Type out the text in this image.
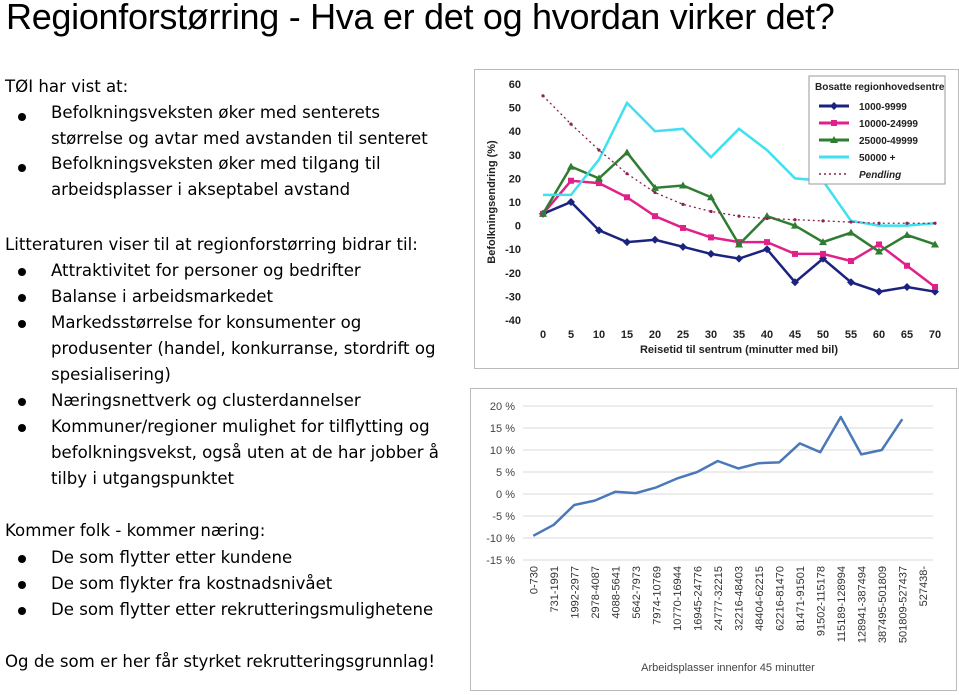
Regionforstørring - Hva er det og hvordan virker det?
TØI har vist at:
Befolkningsveksten øker med senterets størrelse og avtar med avstanden til senteret
Befolkningsveksten øker med tilgang til arbeidsplasser i akseptabel avstand
Litteraturen viser til at regionforstørring bidrar til:
Attraktivitet for personer og bedrifter
Balanse i arbeidsmarkedet
Markedsstørrelse for konsumenter og produsenter (handel, konkurranse, stordrift og spesialisering)
Næringsnettverk og clusterdannelser
Kommuner/regioner mulighet for tilflytting og befolkningsvekst, også uten at de har jobber å tilby i utgangspunktet
Kommer folk - kommer næring:
De som flytter etter kundene
De som flykter fra kostnadsnivået
De som flytter etter rekrutteringsmulighetene
Og de som er her får styrket rekrutteringsgrunnlag!
60
50
40
30
20
10
0
-10
-20
-30
-40
0 5 10 15 20 25 30 35 40 45 50 55 60 65 70
Reisetid til sentrum (minutter med bil)
Befolkningsendring (%)
Bosatte regionhovedsentre
1000-9999
10000-24999
25000-49999
50000 +
Pendling
20 %
15 %
10 %
5 %
0 %
-5 %
-10 %
-15 %
0-730 731-1991 1992-2977 2978-4087 4088-5641 5642-7973 7974-10769 10770-16944 16945-24776 24777-32215 32216-48403 48404-62215 62216-81470 81471-91501 91502-115178 115189-128994 128941-387494 387495-501809 501809-527437 527438-
Arbeidsplasser innenfor 45 minutter
